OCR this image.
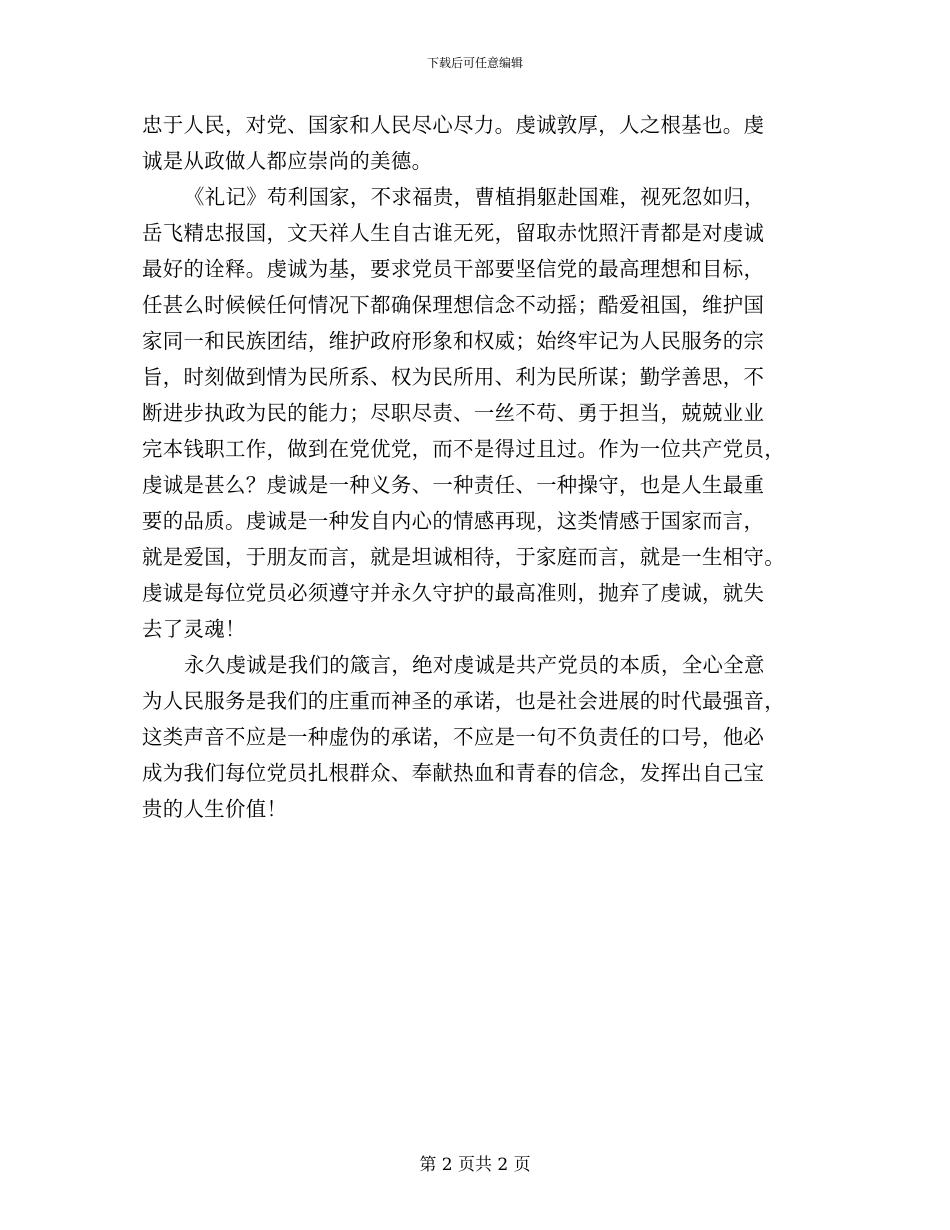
下载后可任意编辑
忠于人民，对党、国家和人民尽心尽力。虔诚敦厚，人之根基也。虔
诚是从政做人都应崇尚的美德。
《礼记》苟利国家，不求福贵，曹植捐躯赴国难，视死忽如归，
岳飞精忠报国，文天祥人生自古谁无死，留取赤忱照汗青都是对虔诚
最好的诠释。虔诚为基，要求党员干部要坚信党的最高理想和目标，
任甚么时候候任何情况下都确保理想信念不动摇；酷爱祖国，维护国
家同一和民族团结，维护政府形象和权威；始终牢记为人民服务的宗
旨，时刻做到情为民所系、权为民所用、利为民所谋；勤学善思，不
断进步执政为民的能力；尽职尽责、一丝不苟、勇于担当，兢兢业业
完本钱职工作，做到在党优党，而不是得过且过。作为一位共产党员，
虔诚是甚么？虔诚是一种义务、一种责任、一种操守，也是人生最重
要的品质。虔诚是一种发自内心的情感再现，这类情感于国家而言，
就是爱国，于朋友而言，就是坦诚相待，于家庭而言，就是一生相守。
虔诚是每位党员必须遵守并永久守护的最高准则，抛弃了虔诚，就失
去了灵魂！
永久虔诚是我们的箴言，绝对虔诚是共产党员的本质，全心全意
为人民服务是我们的庄重而神圣的承诺，也是社会进展的时代最强音，
这类声音不应是一种虚伪的承诺，不应是一句不负责任的口号，他必
成为我们每位党员扎根群众、奉献热血和青春的信念，发挥出自己宝
贵的人生价值！
第 2 页共 2 页
